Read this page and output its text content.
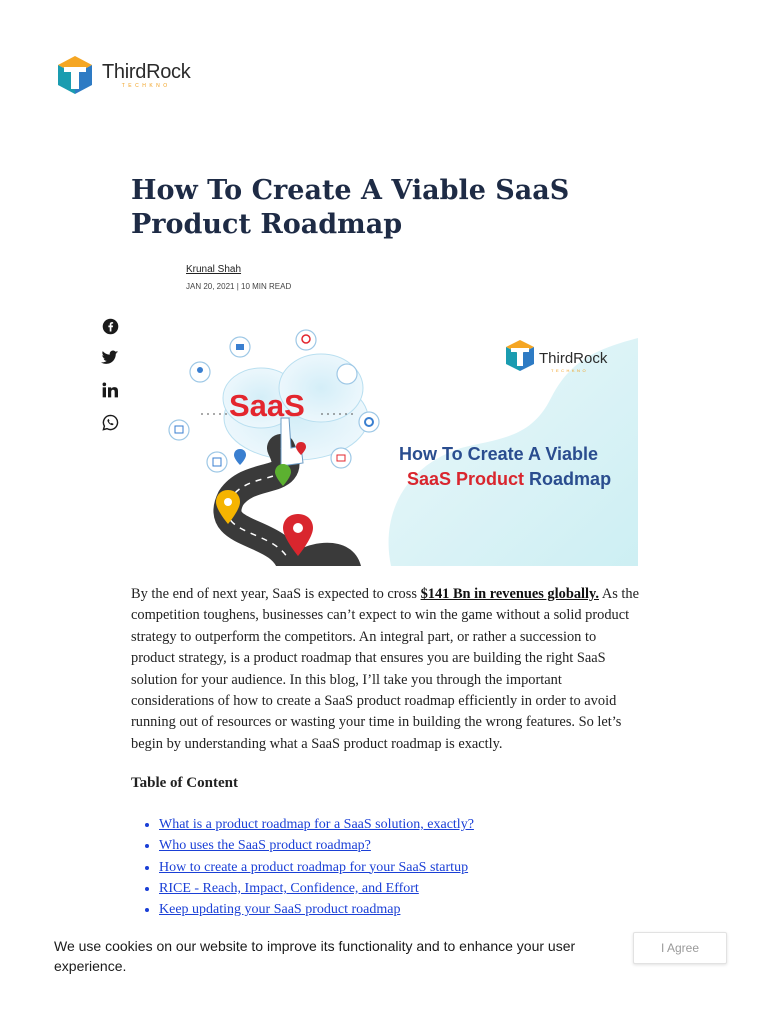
ThirdRock
TECHKNO
How To Create A Viable SaaS Product Roadmap
Krunal Shah
JAN 20, 2021 | 10 MIN READ
SaaS
ThirdRock
TECHKNO
How To Create A Viable
SaaS Product Roadmap

By the end of next year, SaaS is expected to cross $141 Bn in revenues globally. As the competition toughens, businesses can’t expect to win the game without a solid product strategy to outperform the competitors. An integral part, or rather a succession to product strategy, is a product roadmap that ensures you are building the right SaaS solution for your audience. In this blog, I’ll take you through the important considerations of how to create a SaaS product roadmap efficiently in order to avoid running out of resources or wasting your time in building the wrong features. So let’s begin by understanding what a SaaS product roadmap is exactly.

Table of Content
• What is a product roadmap for a SaaS solution, exactly?
• Who uses the SaaS product roadmap?
• How to create a product roadmap for your SaaS startup
• RICE - Reach, Impact, Confidence, and Effort
• Keep updating your SaaS product roadmap
We use cookies on our website to improve its functionality and to enhance your user experience.
I Agree
